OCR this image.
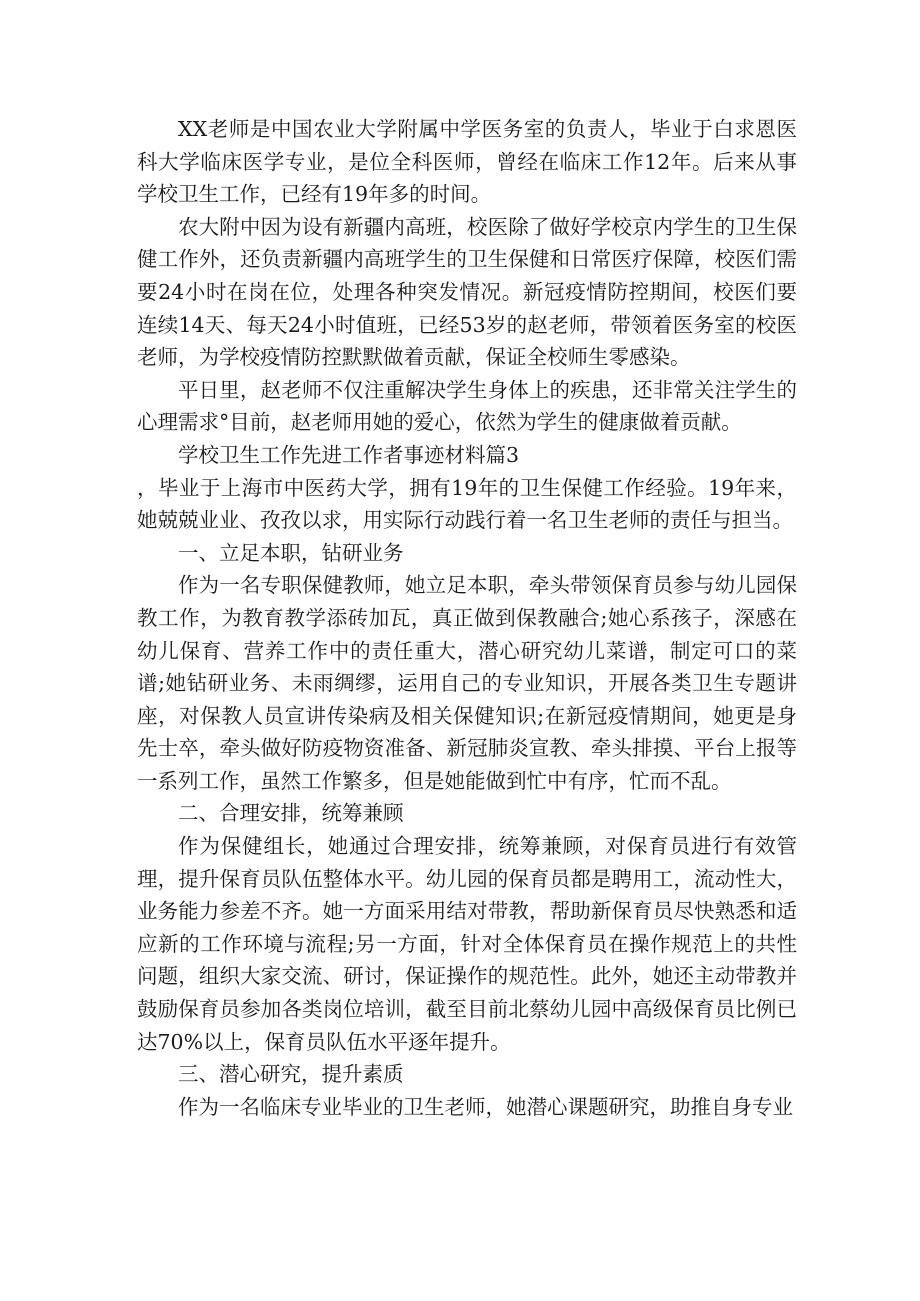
XX老师是中国农业大学附属中学医务室的负责人，毕业于白求恩医科大学临床医学专业，是位全科医师，曾经在临床工作12年。后来从事学校卫生工作，已经有19年多的时间。

农大附中因为设有新疆内高班，校医除了做好学校京内学生的卫生保健工作外，还负责新疆内高班学生的卫生保健和日常医疗保障，校医们需要24小时在岗在位，处理各种突发情况。新冠疫情防控期间，校医们要连续14天、每天24小时值班，已经53岁的赵老师，带领着医务室的校医老师，为学校疫情防控默默做着贡献，保证全校师生零感染。

平日里，赵老师不仅注重解决学生身体上的疾患，还非常关注学生的心理需求°目前，赵老师用她的爱心，依然为学生的健康做着贡献。

学校卫生工作先进工作者事迹材料篇3

，毕业于上海市中医药大学，拥有19年的卫生保健工作经验。19年来，她兢兢业业、孜孜以求，用实际行动践行着一名卫生老师的责任与担当。

一、立足本职，钻研业务

作为一名专职保健教师，她立足本职，牵头带领保育员参与幼儿园保教工作，为教育教学添砖加瓦，真正做到保教融合;她心系孩子，深感在幼儿保育、营养工作中的责任重大，潜心研究幼儿菜谱，制定可口的菜谱;她钻研业务、未雨绸缪，运用自己的专业知识，开展各类卫生专题讲座，对保教人员宣讲传染病及相关保健知识;在新冠疫情期间，她更是身先士卒，牵头做好防疫物资准备、新冠肺炎宣教、牵头排摸、平台上报等一系列工作，虽然工作繁多，但是她能做到忙中有序，忙而不乱。

二、合理安排，统筹兼顾

作为保健组长，她通过合理安排，统筹兼顾，对保育员进行有效管理，提升保育员队伍整体水平。幼儿园的保育员都是聘用工，流动性大，业务能力参差不齐。她一方面采用结对带教，帮助新保育员尽快熟悉和适应新的工作环境与流程;另一方面，针对全体保育员在操作规范上的共性问题，组织大家交流、研讨，保证操作的规范性。此外，她还主动带教并鼓励保育员参加各类岗位培训，截至目前北蔡幼儿园中高级保育员比例已达70%以上，保育员队伍水平逐年提升。

三、潜心研究，提升素质

作为一名临床专业毕业的卫生老师，她潜心课题研究，助推自身专业
